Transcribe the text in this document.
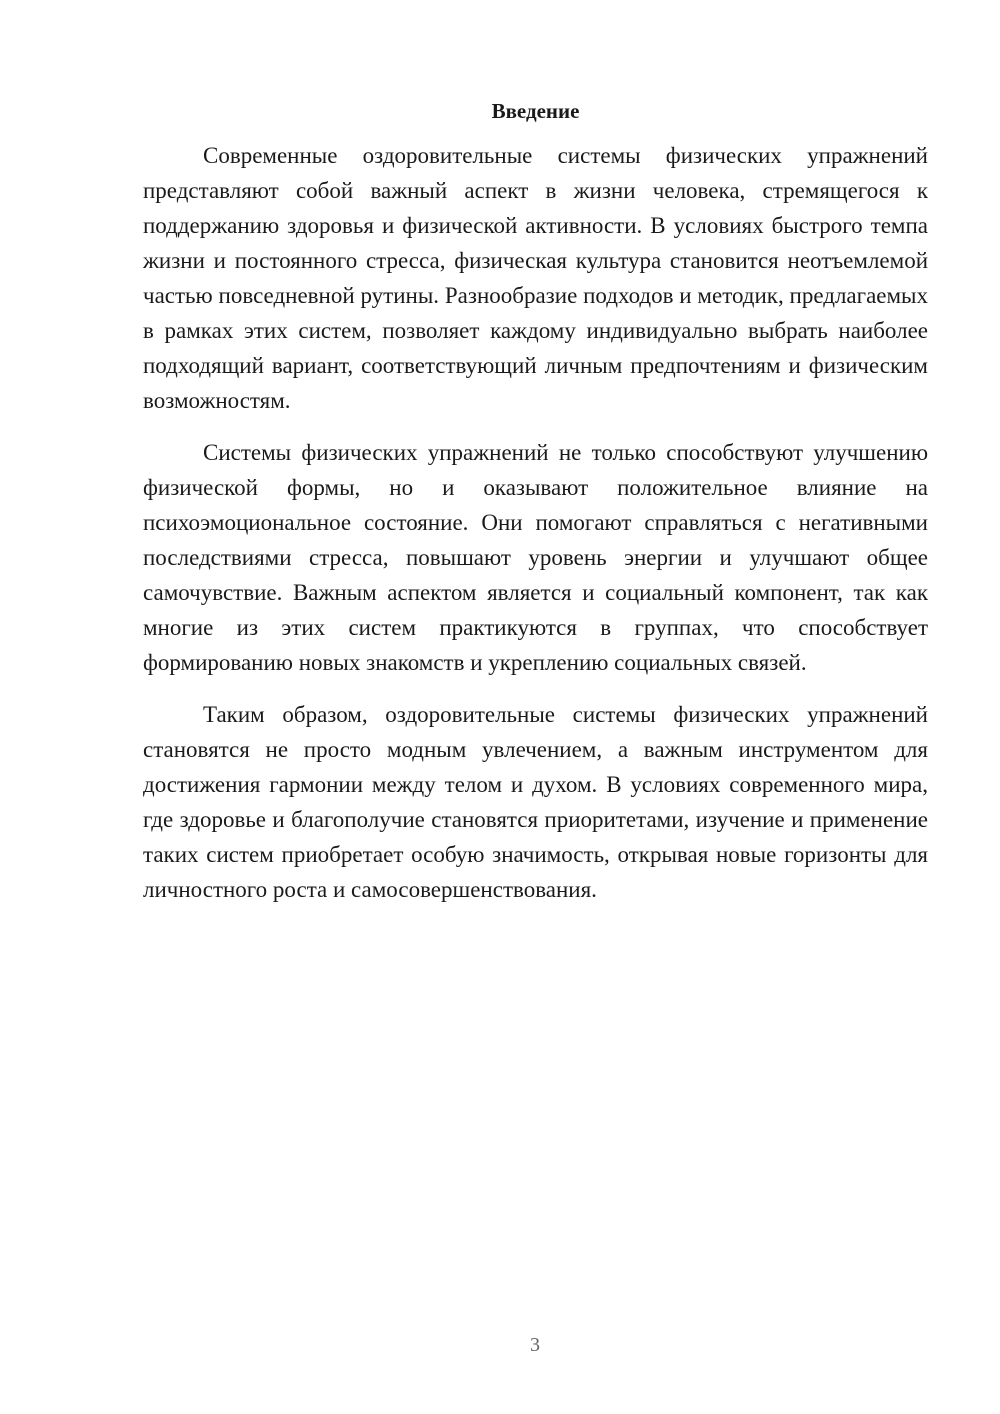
Введение

Современные оздоровительные системы физических упражнений представляют собой важный аспект в жизни человека, стремящегося к поддержанию здоровья и физической активности. В условиях быстрого темпа жизни и постоянного стресса, физическая культура становится неотъемлемой частью повседневной рутины. Разнообразие подходов и методик, предлагаемых в рамках этих систем, позволяет каждому индивидуально выбрать наиболее подходящий вариант, соответствующий личным предпочтениям и физическим возможностям.

Системы физических упражнений не только способствуют улучшению физической формы, но и оказывают положительное влияние на психоэмоциональное состояние. Они помогают справляться с негативными последствиями стресса, повышают уровень энергии и улучшают общее самочувствие. Важным аспектом является и социальный компонент, так как многие из этих систем практикуются в группах, что способствует формированию новых знакомств и укреплению социальных связей.

Таким образом, оздоровительные системы физических упражнений становятся не просто модным увлечением, а важным инструментом для достижения гармонии между телом и духом. В условиях современного мира, где здоровье и благополучие становятся приоритетами, изучение и применение таких систем приобретает особую значимость, открывая новые горизонты для личностного роста и самосовершенствования.

3
